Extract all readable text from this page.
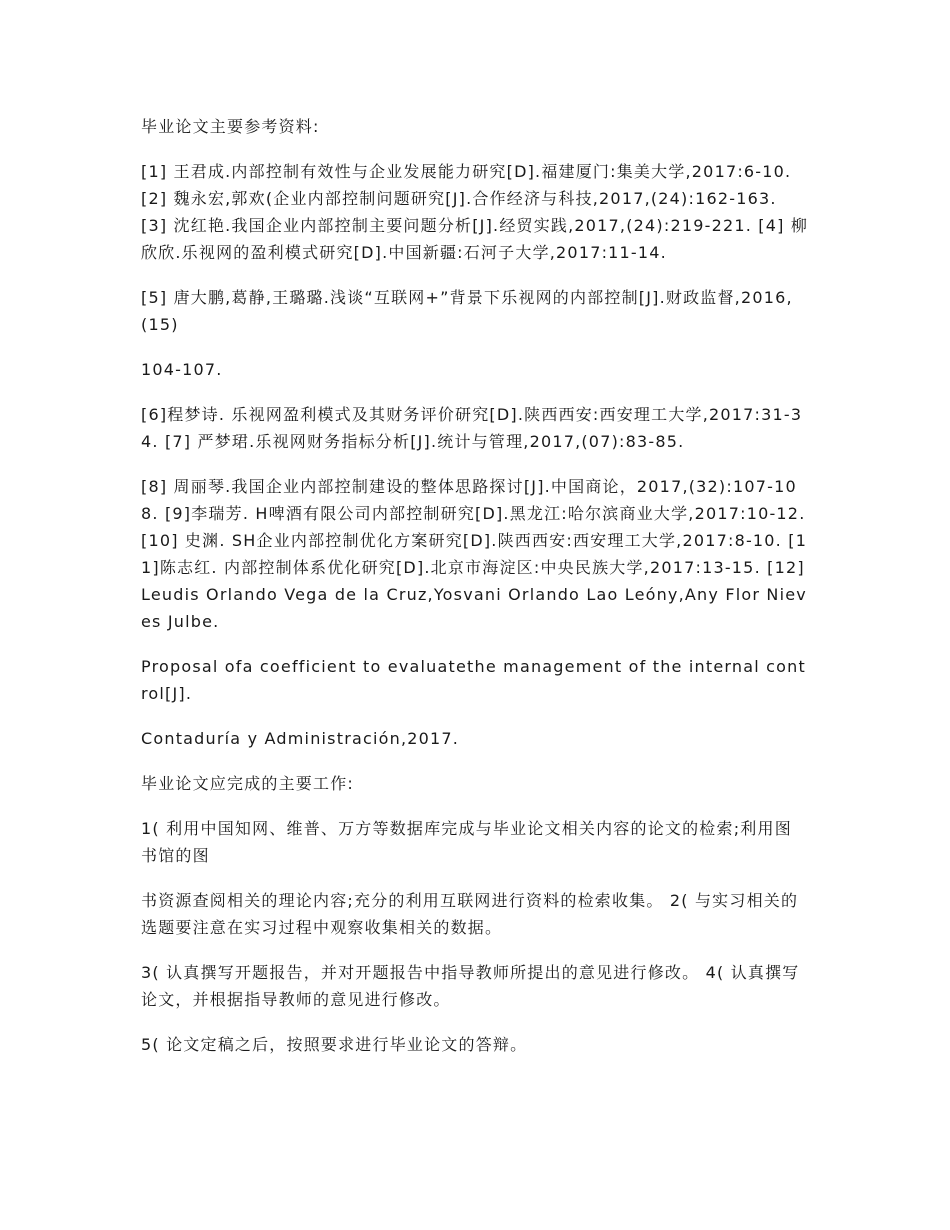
毕业论文主要参考资料:

[1] 王君成.内部控制有效性与企业发展能力研究[D].福建厦门:集美大学,2017:6-10. [2] 魏永宏,郭欢(企业内部控制问题研究[J].合作经济与科技,2017,(24):162-163. [3] 沈红艳.我国企业内部控制主要问题分析[J].经贸实践,2017,(24):219-221. [4] 柳欣欣.乐视网的盈利模式研究[D].中国新疆:石河子大学,2017:11-14.

[5] 唐大鹏,葛静,王璐璐.浅谈“互联网+”背景下乐视网的内部控制[J].财政监督,2016,(15)

104-107.

[6]程梦诗. 乐视网盈利模式及其财务评价研究[D].陕西西安:西安理工大学,2017:31-34. [7] 严梦珺.乐视网财务指标分析[J].统计与管理,2017,(07):83-85.

[8] 周丽琴.我国企业内部控制建设的整体思路探讨[J].中国商论，2017,(32):107-108. [9]李瑞芳. H啤酒有限公司内部控制研究[D].黑龙江:哈尔滨商业大学,2017:10-12. [10] 史渊. SH企业内部控制优化方案研究[D].陕西西安:西安理工大学,2017:8-10. [11]陈志红. 内部控制体系优化研究[D].北京市海淀区:中央民族大学,2017:13-15. [12] Leudis Orlando Vega de la Cruz,Yosvani Orlando Lao Leóny,Any Flor Nieves Julbe.

Proposal ofa coefficient to evaluatethe management of the internal control[J].

Contaduría y Administración,2017.

毕业论文应完成的主要工作:

1( 利用中国知网、维普、万方等数据库完成与毕业论文相关内容的论文的检索;利用图书馆的图

书资源查阅相关的理论内容;充分的利用互联网进行资料的检索收集。 2( 与实习相关的选题要注意在实习过程中观察收集相关的数据。

3( 认真撰写开题报告，并对开题报告中指导教师所提出的意见进行修改。 4( 认真撰写论文，并根据指导教师的意见进行修改。

5( 论文定稿之后，按照要求进行毕业论文的答辩。
